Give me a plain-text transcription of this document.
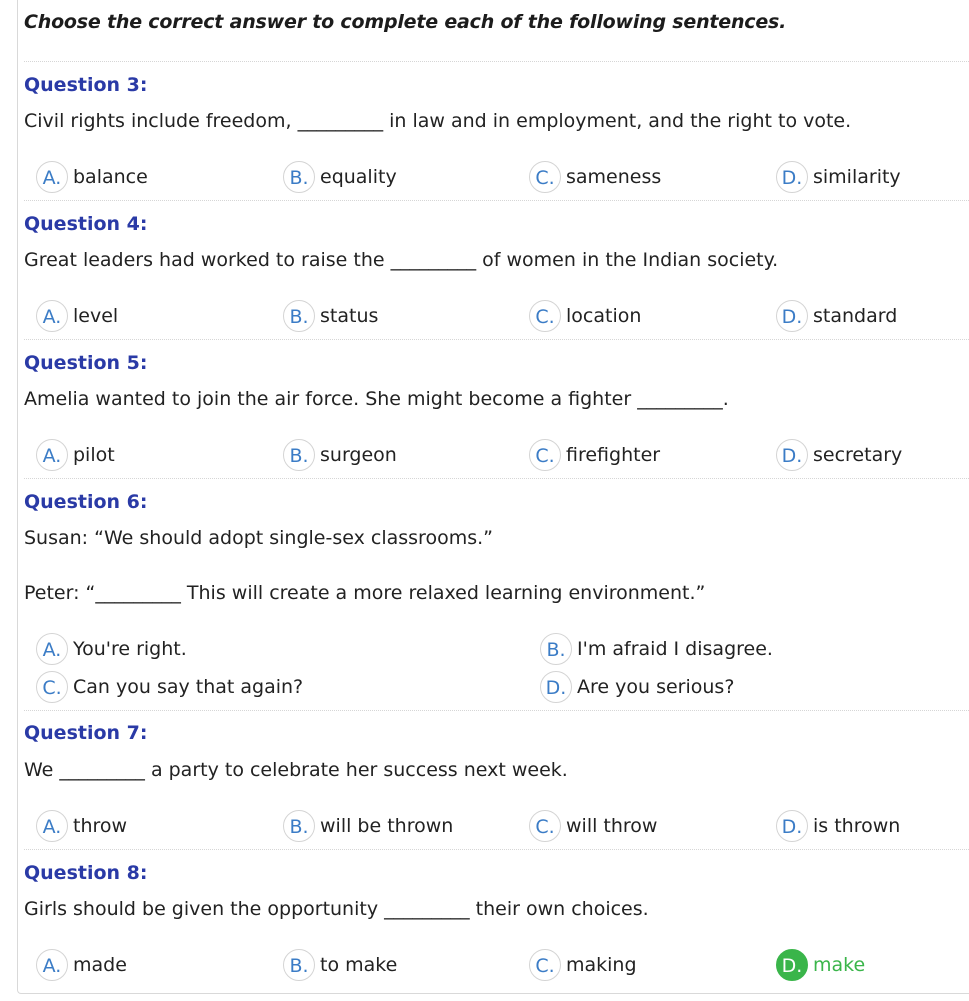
Choose the correct answer to complete each of the following sentences.

Question 3:

Civil rights include freedom, _________ in law and in employment, and the right to vote.

A. balance	B. equality	C. sameness	D. similarity

Question 4:

Great leaders had worked to raise the _________ of women in the Indian society.

A. level	B. status	C. location	D. standard

Question 5:

Amelia wanted to join the air force. She might become a fighter _________.

A. pilot	B. surgeon	C. firefighter	D. secretary

Question 6:

Susan: “We should adopt single-sex classrooms.”

Peter: “_________ This will create a more relaxed learning environment.”

A. You're right.	B. I'm afraid I disagree.
C. Can you say that again?	D. Are you serious?

Question 7:

We _________ a party to celebrate her success next week.

A. throw	B. will be thrown	C. will throw	D. is thrown

Question 8:

Girls should be given the opportunity _________ their own choices.

A. made	B. to make	C. making	D. make
